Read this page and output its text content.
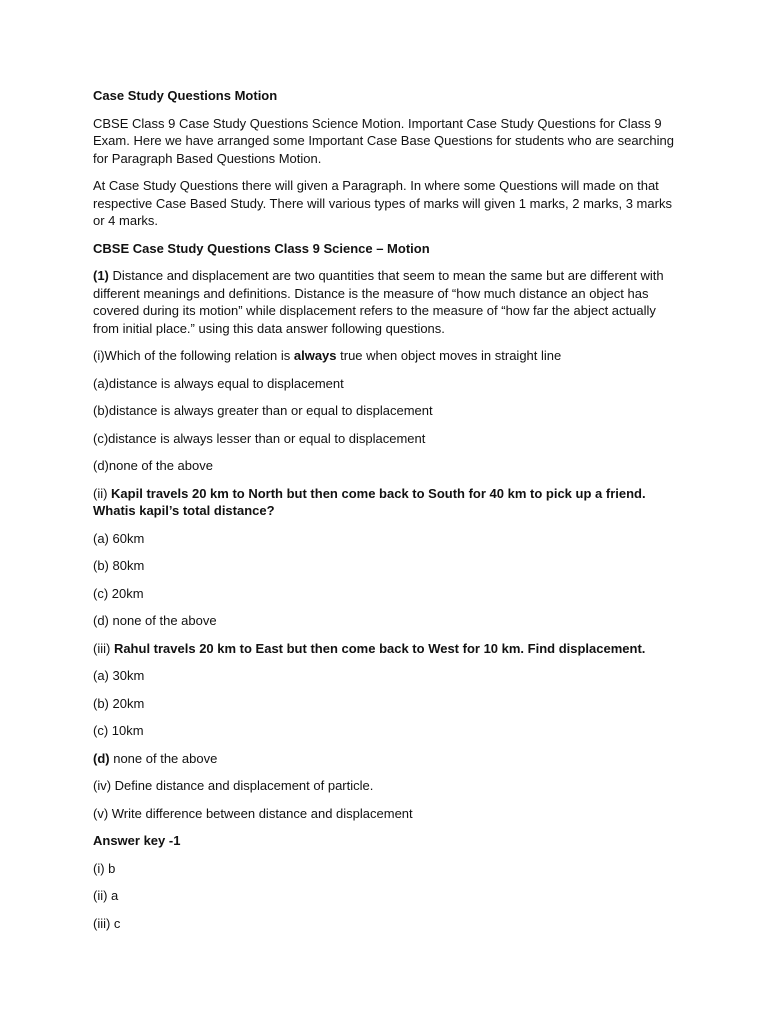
Case Study Questions Motion

CBSE Class 9 Case Study Questions Science Motion. Important Case Study Questions for Class 9 Exam. Here we have arranged some Important Case Base Questions for students who are searching for Paragraph Based Questions Motion.

At Case Study Questions there will given a Paragraph. In where some Questions will made on that respective Case Based Study. There will various types of marks will given 1 marks, 2 marks, 3 marks or 4 marks.

CBSE Case Study Questions Class 9 Science – Motion

(1) Distance and displacement are two quantities that seem to mean the same but are different with different meanings and definitions. Distance is the measure of “how much distance an object has covered during its motion” while displacement refers to the measure of “how far the abject actually from initial place.” using this data answer following questions.

(i)Which of the following relation is always true when object moves in straight line

(a)distance is always equal to displacement

(b)distance is always greater than or equal to displacement

(c)distance is always lesser than or equal to displacement

(d)none of the above

(ii) Kapil travels 20 km to North but then come back to South for 40 km to pick up a friend. Whatis kapil’s total distance?

(a) 60km

(b) 80km

(c) 20km

(d) none of the above

(iii) Rahul travels 20 km to East but then come back to West for 10 km. Find displacement.

(a) 30km

(b) 20km

(c) 10km

(d) none of the above

(iv) Define distance and displacement of particle.

(v) Write difference between distance and displacement

Answer key -1

(i) b

(ii) a

(iii) c
